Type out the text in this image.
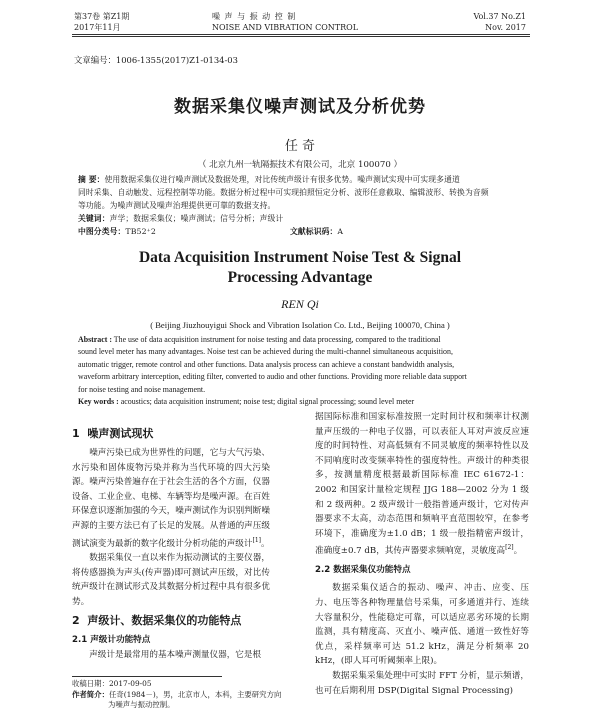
第37卷 第Z1期
2017年11月
噪 声 与 振 动 控 制
NOISE AND VIBRATION CONTROL
Vol.37 No.Z1
Nov. 2017
文章编号：1006-1355(2017)Z1-0134-03
数据采集仪噪声测试及分析优势
任 奇
（ 北京九州一轨隔振技术有限公司，北京 100070 ）
摘 要：使用数据采集仪进行噪声测试及数据处理，对比传统声级计有很多优势。噪声测试实现中可实现多通道
同时采集、自动触发、远程控制等功能。数据分析过程中可实现拍照恒定分析、波形任意截取、编辑波形、转换为音频
等功能。为噪声测试及噪声治理提供更可靠的数据支持。
关键词：声学；数据采集仪；噪声测试；信号分析；声级计
中图分类号：TB52⁺2	文献标识码：A
Data Acquisition Instrument Noise Test & Signal
Processing Advantage
REN Qi
( Beijing Jiuzhouyigui Shock and Vibration Isolation Co. Ltd., Beijing 100070, China )
Abstract : The use of data acquisition instrument for noise testing and data processing, compared to the traditional
sound level meter has many advantages. Noise test can be achieved during the multi-channel simultaneous acquisition,
automatic trigger, remote control and other functions. Data analysis process can achieve a constant bandwidth analysis,
waveform arbitrary interception, editing filter, converted to audio and other functions. Providing more reliable data support
for noise testing and noise management.
Key words : acoustics; data acquisition instrument; noise test; digital signal processing; sound level meter
1 噪声测试现状

噪声污染已成为世界性的问题，它与大气污染、水污染和固体废物污染并称为当代环境的四大污染源。噪声污染普遍存在于社会生活的各个方面，仪器设备、工业企业、电梯、车辆等均是噪声源。在百姓环保意识逐渐加强的今天，噪声测试作为识别判断噪声源的主要方法已有了长足的发展。从普通的声压级测试演变为最新的数字化级计分析功能的声级计[1]。

数据采集仪一直以来作为振动测试的主要仪器，将传感器换为声头(传声器)即可测试声压级，对比传统声级计在测试形式及其数据分析过程中具有很多优势。

2 声级计、数据采集仪的功能特点
2.1 声级计功能特点

声级计是最常用的基本噪声测量仪器，它是根

收稿日期：2017-09-05
作者简介：任奇(1984－)，男，北京市人，本科，主要研究方向
为噪声与振动控制。

据国际标准和国家标准按照一定时间计权和频率计权测量声压级的一种电子仪器，可以表征人耳对声波反应速度的时间特性、对高低频有不同灵敏度的频率特性以及不同响度时改变频率特性的强度特性。声级计的种类很多，按测量精度根据最新国际标准 IEC 61672-1：2002 和国家计量检定规程 JJG 188—2002 分为 1 级和 2 级两种。2 级声级计一般指普通声级计，它对传声器要求不太高，动态范围和频响平直范围较窄，在参考环境下，准确度为±1.0 dB；1 级一般指精密声级计，准确度±0.7 dB，其传声器要求频响宽，灵敏度高[2]。

2.2 数据采集仪功能特点

数据采集仪适合的振动、噪声、冲击、应变、压力、电压等各种物理量信号采集，可多通道并行、连续大容量积分，性能稳定可靠，可以适应恶劣环境的长期监测，具有精度高、灭直小、噪声低、通道一致性好等优点，采样频率可达 51.2 kHz，满足分析频率 20 kHz，(即人耳可听阈频率上限)。

数据采集采集处理中可实时 FFT 分析，显示频谱，也可在后期利用 DSP(Digital Signal Processing)
